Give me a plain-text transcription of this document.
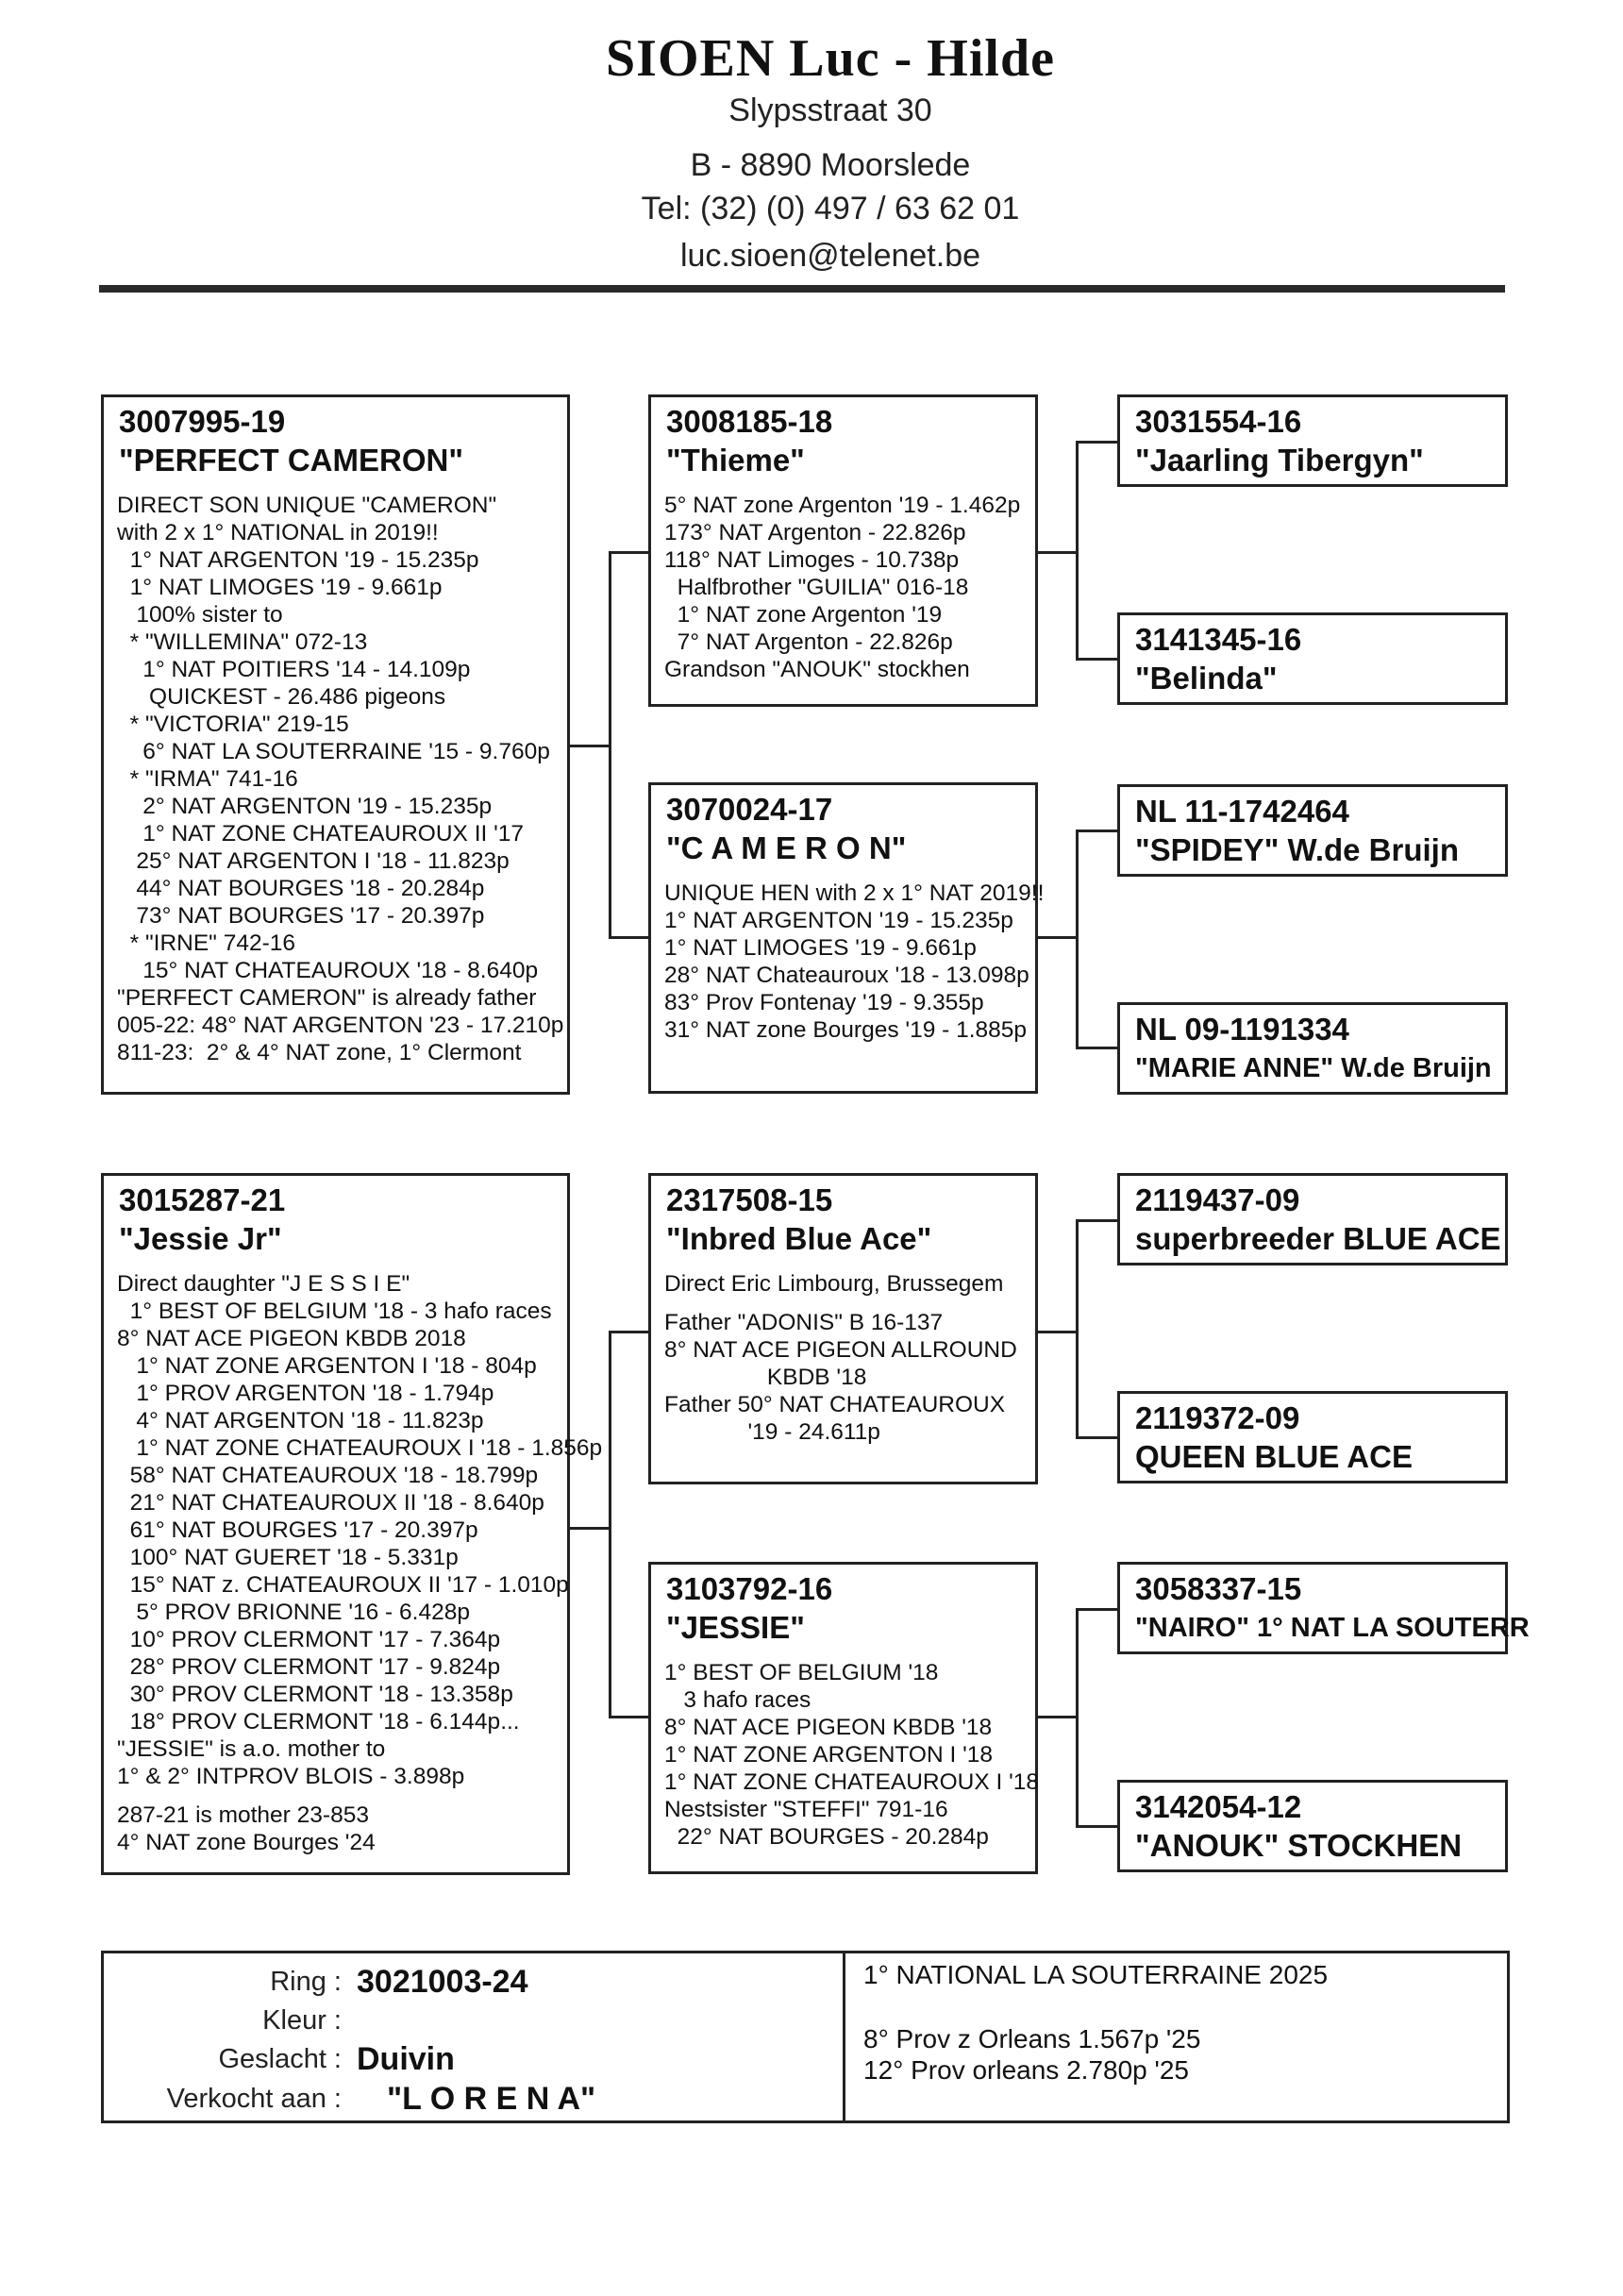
SIOEN Luc - Hilde
Slypsstraat 30
B - 8890 Moorslede
Tel: (32) (0) 497 / 63 62 01
luc.sioen@telenet.be
3007995-19
"PERFECT CAMERON"
DIRECT SON UNIQUE "CAMERON"
with 2 x 1° NATIONAL in 2019!!
1° NAT ARGENTON '19 - 15.235p
1° NAT LIMOGES '19 - 9.661p
100% sister to
* "WILLEMINA" 072-13
1° NAT POITIERS '14 - 14.109p
QUICKEST - 26.486 pigeons
* "VICTORIA" 219-15
6° NAT LA SOUTERRAINE '15 - 9.760p
* "IRMA" 741-16
2° NAT ARGENTON '19 - 15.235p
1° NAT ZONE CHATEAUROUX II '17
25° NAT ARGENTON I '18 - 11.823p
44° NAT BOURGES '18 - 20.284p
73° NAT BOURGES '17 - 20.397p
* "IRNE" 742-16
15° NAT CHATEAUROUX '18 - 8.640p
"PERFECT CAMERON" is already father
005-22: 48° NAT ARGENTON '23 - 17.210p
811-23:  2° & 4° NAT zone, 1° Clermont
3008185-18
"Thieme"
5° NAT zone Argenton '19 - 1.462p
173° NAT Argenton - 22.826p
118° NAT Limoges - 10.738p
Halfbrother "GUILIA" 016-18
1° NAT zone Argenton '19
7° NAT Argenton - 22.826p
Grandson "ANOUK" stockhen
3070024-17
"C A M E R O N"
UNIQUE HEN with 2 x 1° NAT 2019!!
1° NAT ARGENTON '19 - 15.235p
1° NAT LIMOGES '19 - 9.661p
28° NAT Chateauroux '18 - 13.098p
83° Prov Fontenay '19 - 9.355p
31° NAT zone Bourges '19 - 1.885p
3031554-16
"Jaarling Tibergyn"
3141345-16
"Belinda"
NL 11-1742464
"SPIDEY" W.de Bruijn
NL 09-1191334
"MARIE ANNE" W.de Bruijn
3015287-21
"Jessie Jr"
Direct daughter "J E S S I E"
1° BEST OF BELGIUM '18 - 3 hafo races
8° NAT ACE PIGEON KBDB 2018
1° NAT ZONE ARGENTON I '18 - 804p
1° PROV ARGENTON '18 - 1.794p
4° NAT ARGENTON '18 - 11.823p
1° NAT ZONE CHATEAUROUX I '18 - 1.856p
58° NAT CHATEAUROUX '18 - 18.799p
21° NAT CHATEAUROUX II '18 - 8.640p
61° NAT BOURGES '17 - 20.397p
100° NAT GUERET '18 - 5.331p
15° NAT z. CHATEAUROUX II '17 - 1.010p
5° PROV BRIONNE '16 - 6.428p
10° PROV CLERMONT '17 - 7.364p
28° PROV CLERMONT '17 - 9.824p
30° PROV CLERMONT '18 - 13.358p
18° PROV CLERMONT '18 - 6.144p...
"JESSIE" is a.o. mother to
1° & 2° INTPROV BLOIS - 3.898p
287-21 is mother 23-853
4° NAT zone Bourges '24
2317508-15
"Inbred Blue Ace"
Direct Eric Limbourg, Brussegem
Father "ADONIS" B 16-137
8° NAT ACE PIGEON ALLROUND
KBDB '18
Father 50° NAT CHATEAUROUX
'19 - 24.611p
3103792-16
"JESSIE"
1° BEST OF BELGIUM '18
3 hafo races
8° NAT ACE PIGEON KBDB '18
1° NAT ZONE ARGENTON I '18
1° NAT ZONE CHATEAUROUX I '18
Nestsister "STEFFI" 791-16
22° NAT BOURGES - 20.284p
2119437-09
superbreeder BLUE ACE
2119372-09
QUEEN BLUE ACE
3058337-15
"NAIRO" 1° NAT LA SOUTERR
3142054-12
"ANOUK" STOCKHEN
Ring : 3021003-24
Kleur :
Geslacht : Duivin
Verkocht aan : "L O R E N A"
1° NATIONAL LA SOUTERRAINE 2025
8° Prov z Orleans 1.567p '25
12° Prov orleans 2.780p '25
